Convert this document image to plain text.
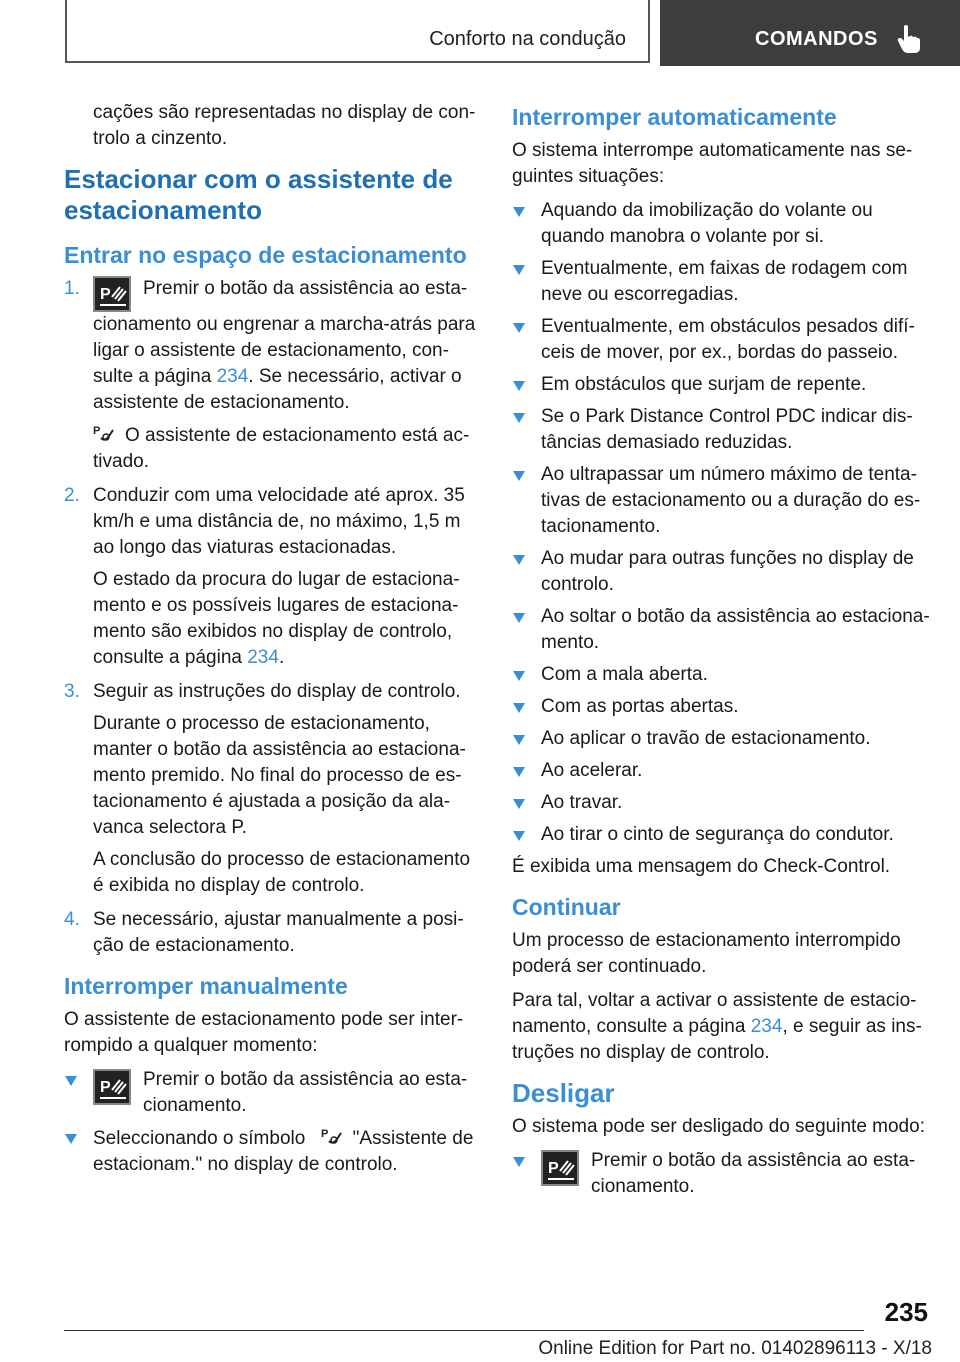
Conforto na condução	COMANDOS

cações são representadas no display de controlo a cinzento.

Estacionar com o assistente de estacionamento
Entrar no espaço de estacionamento
1. P Premir o botão da assistência ao estacionamento ou engrenar a marcha-atrás para ligar o assistente de estacionamento, consulte a página 234. Se necessário, activar o assistente de estacionamento.

P O assistente de estacionamento está activado.

2. Conduzir com uma velocidade até aprox. 35 km/h e uma distância de, no máximo, 1,5 m ao longo das viaturas estacionadas.

O estado da procura do lugar de estacionamento e os possíveis lugares de estacionamento são exibidos no display de controlo, consulte a página 234.

3. Seguir as instruções do display de controlo.

Durante o processo de estacionamento, manter o botão da assistência ao estacionamento premido. No final do processo de estacionamento é ajustada a posição da alavanca selectora P.

A conclusão do processo de estacionamento é exibida no display de controlo.

4. Se necessário, ajustar manualmente a posição de estacionamento.

Interromper manualmente

O assistente de estacionamento pode ser interrompido a qualquer momento:

P Premir o botão da assistência ao estacionamento.
Seleccionando o símbolo P "Assistente de estacionam." no display de controlo.
Interromper automaticamente

O sistema interrompe automaticamente nas seguintes situações:

Aquando da imobilização do volante ou quando manobra o volante por si.
Eventualmente, em faixas de rodagem com neve ou escorregadias.
Eventualmente, em obstáculos pesados difíceis de mover, por ex., bordas do passeio.
Em obstáculos que surjam de repente.
Se o Park Distance Control PDC indicar distâncias demasiado reduzidas.
Ao ultrapassar um número máximo de tentativas de estacionamento ou a duração do estacionamento.
Ao mudar para outras funções no display de controlo.
Ao soltar o botão da assistência ao estacionamento.
Com a mala aberta.
Com as portas abertas.
Ao aplicar o travão de estacionamento.
Ao acelerar.
Ao travar.
Ao tirar o cinto de segurança do condutor.

É exibida uma mensagem do Check-Control.

Continuar

Um processo de estacionamento interrompido poderá ser continuado.

Para tal, voltar a activar o assistente de estacionamento, consulte a página 234, e seguir as instruções no display de controlo.

Desligar

O sistema pode ser desligado do seguinte modo:

P Premir o botão da assistência ao estacionamento.
235
Online Edition for Part no. 01402896113 - X/18
